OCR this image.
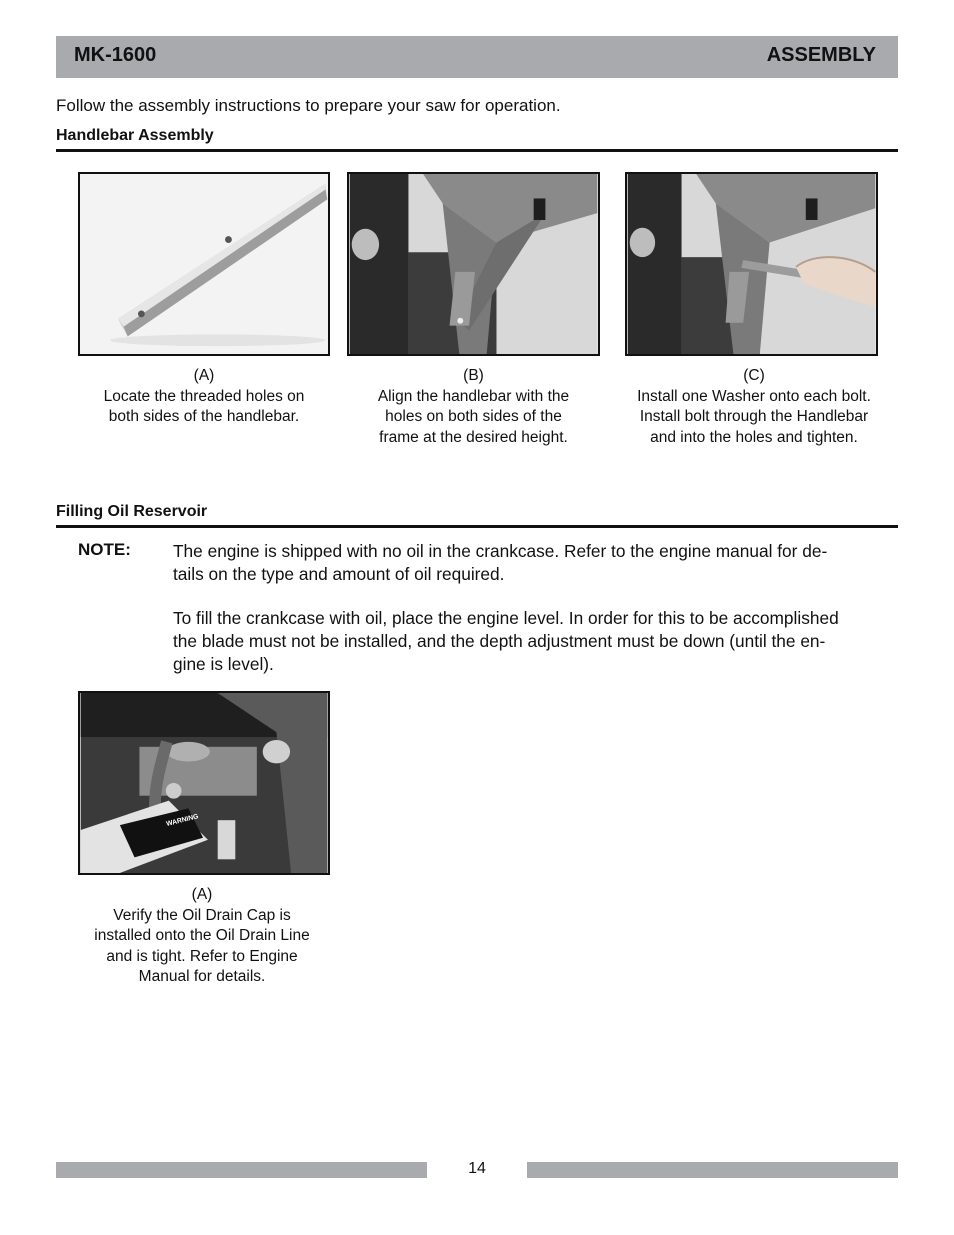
MK-1600	ASSEMBLY
Follow the assembly instructions to prepare your saw for operation.
Handlebar Assembly
(A)
Locate the threaded holes on
both sides of the handlebar.
(B)
Align the handlebar with the
holes on both sides of the
frame at the desired height.
(C)
Install one Washer onto each bolt.
Install bolt through the Handlebar
and into the holes and tighten.
Filling Oil Reservoir
NOTE: The engine is shipped with no oil in the crankcase. Refer to the engine manual for de-
tails on the type and amount of oil required.
To fill the crankcase with oil, place the engine level. In order for this to be accomplished
the blade must not be installed, and the depth adjustment must be down (until the en-
gine is level).
WARNING
(A)
Verify the Oil Drain Cap is
installed onto the Oil Drain Line
and is tight. Refer to Engine
Manual for details.
14
